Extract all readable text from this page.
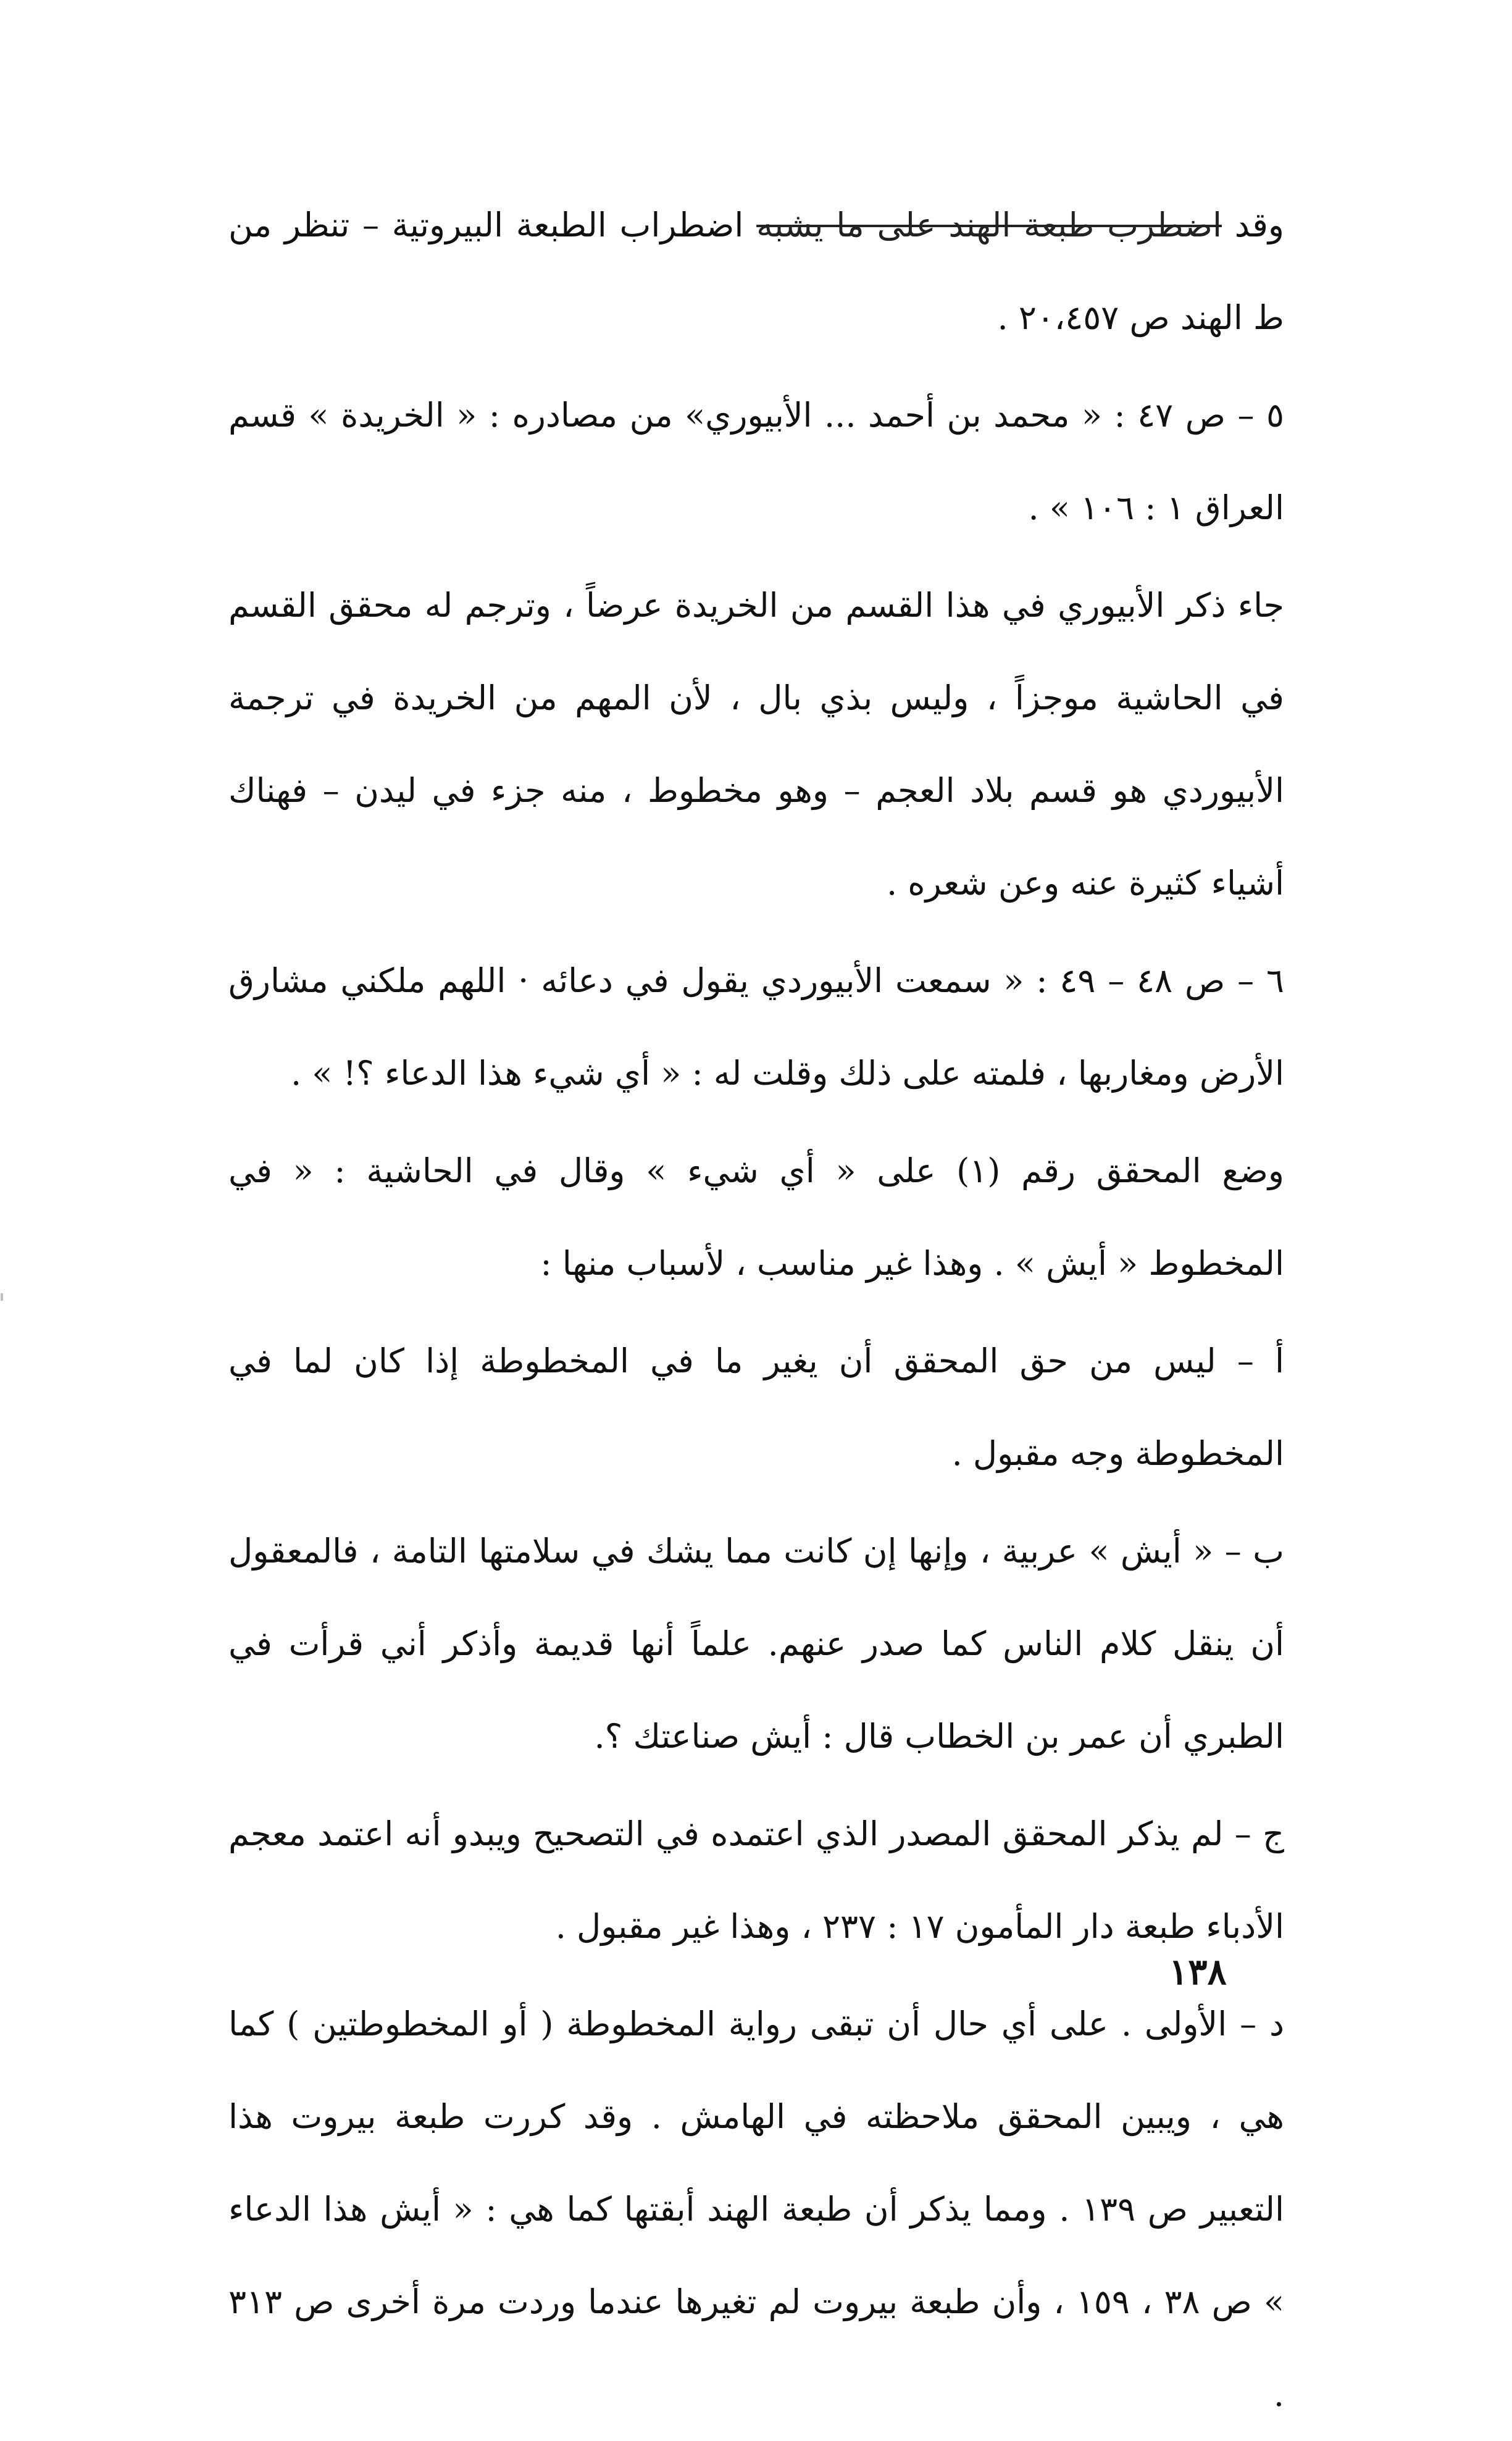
وقد اضطرب طبعة الهند على ما يشبه اضطراب الطبعة البيروتية – تنظر من ط الهند ص ٢٠،٤٥٧ .

٥ – ص ٤٧ : « محمد بن أحمد ... الأبيوري» من مصادره : « الخريدة » قسم العراق ١ : ١٠٦ » .

جاء ذكر الأبيوري في هذا القسم من الخريدة عرضاً ، وترجم له محقق القسم في الحاشية موجزاً ، وليس بذي بال ، لأن المهم من الخريدة في ترجمة الأبيوردي هو قسم بلاد العجم – وهو مخطوط ، منه جزء في ليدن – فهناك أشياء كثيرة عنه وعن شعره .

٦ – ص ٤٨ – ٤٩ : « سمعت الأبيوردي يقول في دعائه · اللهم ملكني مشارق الأرض ومغاربها ، فلمته على ذلك وقلت له : « أي شيء هذا الدعاء ؟! » .

وضع المحقق رقم (١) على « أي شيء » وقال في الحاشية : « في المخطوط « أيش » . وهذا غير مناسب ، لأسباب منها :

أ – ليس من حق المحقق أن يغير ما في المخطوطة إذا كان لما في المخطوطة وجه مقبول .

ب – « أيش » عربية ، وإنها إن كانت مما يشك في سلامتها التامة ، فالمعقول أن ينقل كلام الناس كما صدر عنهم. علماً أنها قديمة وأذكر أني قرأت في الطبري أن عمر بن الخطاب قال : أيش صناعتك ؟.

ج – لم يذكر المحقق المصدر الذي اعتمده في التصحيح ويبدو أنه اعتمد معجم الأدباء طبعة دار المأمون ١٧ : ٢٣٧ ، وهذا غير مقبول .

د – الأولى . على أي حال أن تبقى رواية المخطوطة ( أو المخطوطتين ) كما هي ، ويبين المحقق ملاحظته في الهامش . وقد كررت طبعة بيروت هذا التعبير ص ١٣٩ . ومما يذكر أن طبعة الهند أبقتها كما هي : « أيش هذا الدعاء » ص ٣٨ ، ١٥٩ ، وأن طبعة بيروت لم تغيرها عندما وردت مرة أخرى ص ٣١٣ .

١٣٨
